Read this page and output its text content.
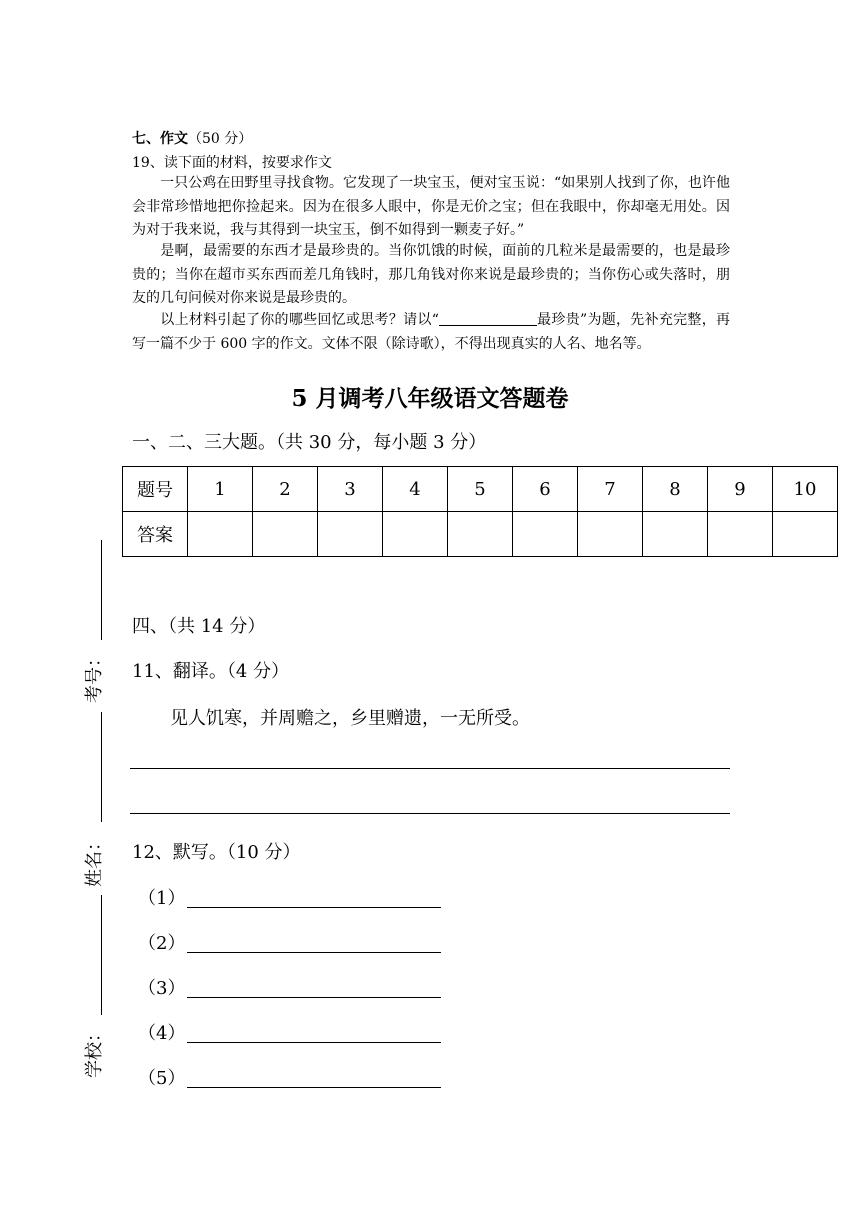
七、作文（50 分）
19、读下面的材料，按要求作文
一只公鸡在田野里寻找食物。它发现了一块宝玉，便对宝玉说：“如果别人找到了你，也许他会非常珍惜地把你捡起来。因为在很多人眼中，你是无价之宝；但在我眼中，你却毫无用处。因为对于我来说，我与其得到一块宝玉，倒不如得到一颗麦子好。”
是啊，最需要的东西才是最珍贵的。当你饥饿的时候，面前的几粒米是最需要的，也是最珍贵的；当你在超市买东西而差几角钱时，那几角钱对你来说是最珍贵的；当你伤心或失落时，朋友的几句问候对你来说是最珍贵的。
以上材料引起了你的哪些回忆或思考？请以“	最珍贵”为题，先补充完整，再写一篇不少于 600 字的作文。文体不限（除诗歌），不得出现真实的人名、地名等。
5 月调考八年级语文答题卷
一、二、三大题。（共 30 分，每小题 3 分）
题号	1	2	3	4	5	6	7	8	9	10
答案										
四、（共 14 分）
11、翻译。（4 分）
见人饥寒，并周赡之，乡里赠遗，一无所受。
12、默写。（10 分）
（1）
（2）
（3）
（4）
（5）
考号：
姓名：
学校：
